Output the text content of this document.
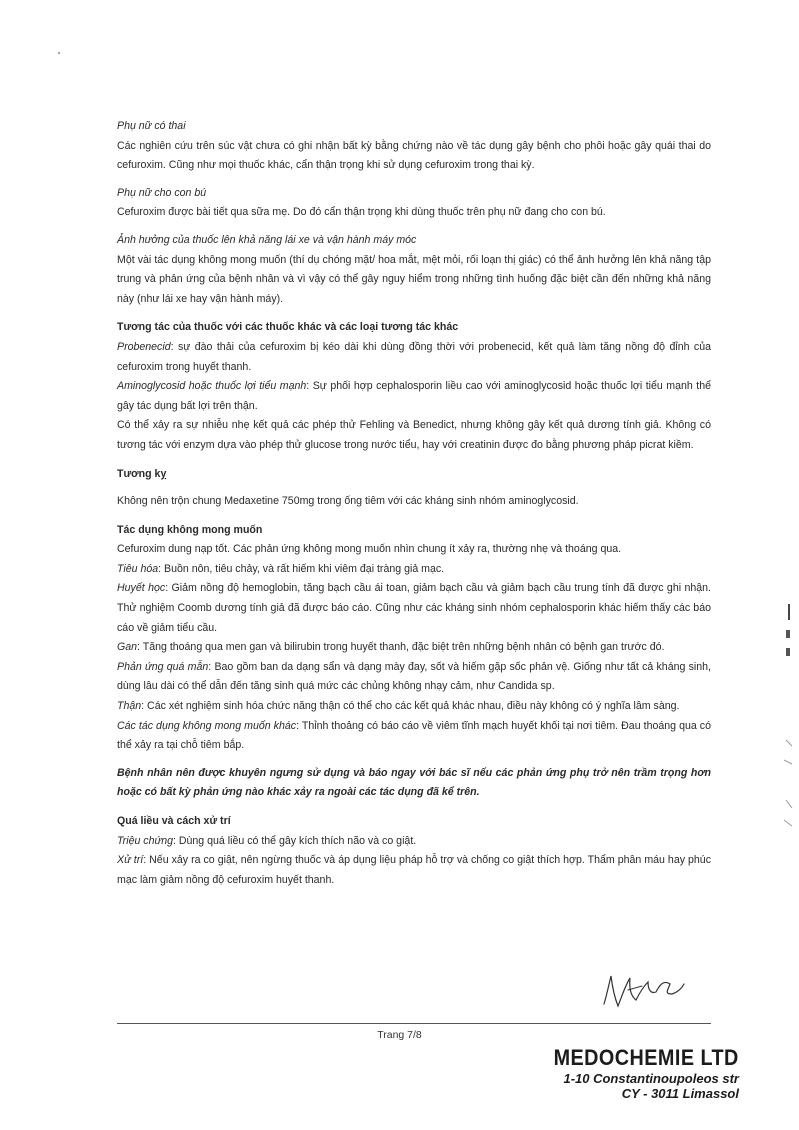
Phụ nữ có thai

Các nghiên cứu trên súc vật chưa có ghi nhận bất kỳ bằng chứng nào về tác dụng gây bệnh cho phôi hoặc gây quái thai do cefuroxim. Cũng như mọi thuốc khác, cẩn thận trọng khi sử dụng cefuroxim trong thai kỳ.

Phụ nữ cho con bú

Cefuroxim được bài tiết qua sữa mẹ. Do đó cẩn thận trọng khi dùng thuốc trên phụ nữ đang cho con bú.

Ảnh hưởng của thuốc lên khả năng lái xe và vận hành máy móc

Một vài tác dụng không mong muốn (thí dụ chóng mặt/ hoa mắt, mệt mỏi, rối loạn thị giác) có thể ảnh hưởng lên khả năng tập trung và phản ứng của bệnh nhân và vì vậy có thể gây nguy hiểm trong những tình huống đặc biệt cần đến những khả năng này (như lái xe hay vận hành máy).

Tương tác của thuốc với các thuốc khác và các loại tương tác khác

Probenecid: sự đào thải của cefuroxim bị kéo dài khi dùng đồng thời với probenecid, kết quả làm tăng nồng độ đỉnh của cefuroxim trong huyết thanh.

Aminoglycosid hoặc thuốc lợi tiểu mạnh: Sự phối hợp cephalosporin liều cao với aminoglycosid hoặc thuốc lợi tiểu mạnh thể gây tác dụng bất lợi trên thận.

Có thể xảy ra sự nhiễu nhẹ kết quả các phép thử Fehling và Benedict, nhưng không gây kết quả dương tính giả. Không có tương tác với enzym dựa vào phép thử glucose trong nước tiểu, hay với creatinin được đo bằng phương pháp picrat kiềm.

Tương kỵ

Không nên trộn chung Medaxetine 750mg trong ống tiêm với các kháng sinh nhóm aminoglycosid.

Tác dụng không mong muốn

Cefuroxim dung nạp tốt. Các phản ứng không mong muốn nhìn chung ít xảy ra, thường nhẹ và thoáng qua.

Tiêu hóa: Buồn nôn, tiêu chảy, và rất hiếm khi viêm đại tràng giả mạc.

Huyết học: Giảm nồng độ hemoglobin, tăng bạch cầu ái toan, giảm bạch cầu và giảm bạch cầu trung tính đã được ghi nhận. Thử nghiệm Coomb dương tính giả đã được báo cáo. Cũng như các kháng sinh nhóm cephalosporin khác hiếm thấy các báo cáo về giảm tiểu cầu.

Gan: Tăng thoáng qua men gan và bilirubin trong huyết thanh, đặc biệt trên những bệnh nhân có bệnh gan trước đó.

Phản ứng quá mẫn: Bao gồm ban da dạng sẩn và dạng mày đay, sốt và hiếm gặp sốc phản vệ. Giống như tất cả kháng sinh, dùng lâu dài có thể dẫn đến tăng sinh quá mức các chủng không nhạy cảm, như Candida sp.

Thận: Các xét nghiệm sinh hóa chức năng thận có thể cho các kết quả khác nhau, điều này không có ý nghĩa lâm sàng.

Các tác dụng không mong muốn khác: Thỉnh thoảng có báo cáo về viêm tĩnh mạch huyết khối tại nơi tiêm. Đau thoáng qua có thể xảy ra tại chỗ tiêm bắp.

Bệnh nhân nên được khuyên ngưng sử dụng và báo ngay với bác sĩ nếu các phản ứng phụ trở nên trầm trọng hơn hoặc có bất kỳ phản ứng nào khác xảy ra ngoài các tác dụng đã kể trên.

Quá liều và cách xử trí

Triệu chứng: Dùng quá liều có thể gây kích thích não và co giật.

Xử trí: Nếu xảy ra co giật, nên ngừng thuốc và áp dụng liệu pháp hỗ trợ và chống co giật thích hợp. Thẩm phân máu hay phúc mạc làm giảm nồng độ cefuroxim huyết thanh.

Trang 7/8
MEDOCHEMIE LTD
1-10 Constantinoupoleos str
CY - 3011 Limassol
